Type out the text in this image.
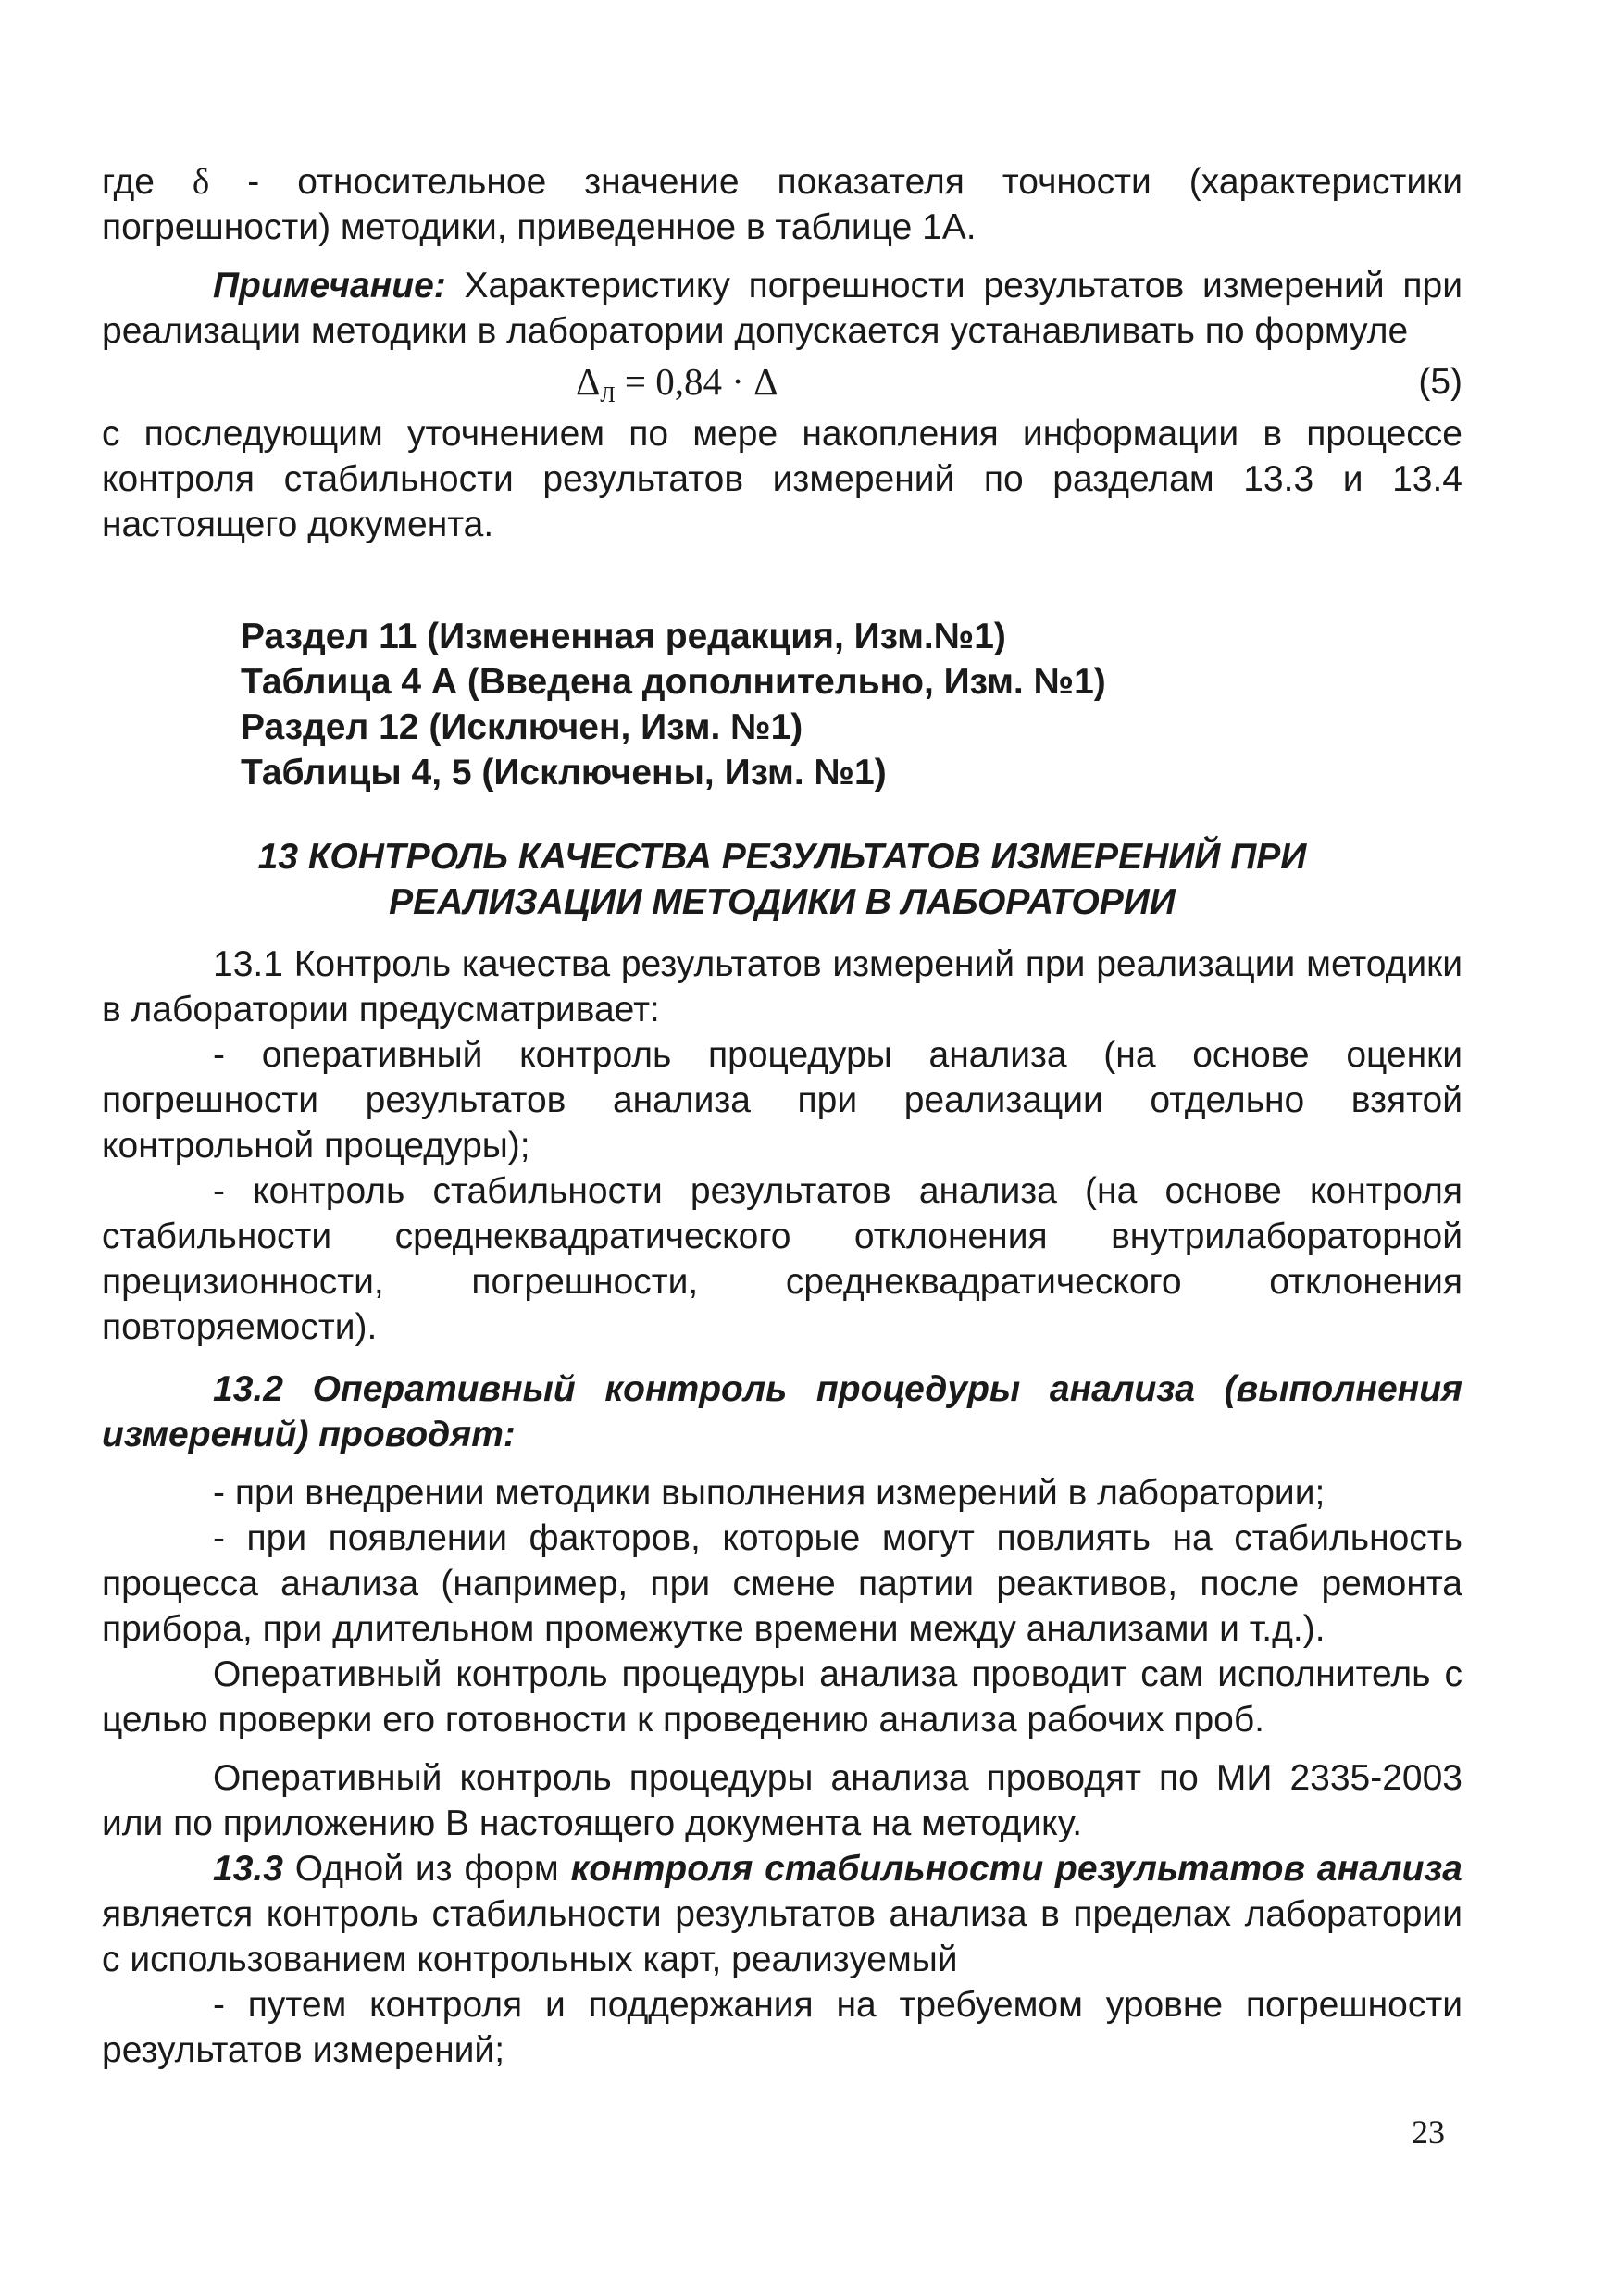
где δ - относительное значение показателя точности (характеристики погрешности) методики, приведенное в таблице 1А.

Примечание: Характеристику погрешности результатов измерений при реализации методики в лаборатории допускается устанавливать по формуле

$\Delta_Л = 0,84 \cdot \Delta$	(5)

с последующим уточнением по мере накопления информации в процессе контроля стабильности результатов измерений по разделам 13.3 и 13.4 настоящего документа.

Раздел 11 (Измененная редакция, Изм.№1)
Таблица 4 А (Введена дополнительно, Изм. №1)
Раздел 12 (Исключен, Изм. №1)
Таблицы 4, 5 (Исключены, Изм. №1)
13 КОНТРОЛЬ КАЧЕСТВА РЕЗУЛЬТАТОВ ИЗМЕРЕНИЙ ПРИ
РЕАЛИЗАЦИИ МЕТОДИКИ В ЛАБОРАТОРИИ

13.1 Контроль качества результатов измерений при реализации методики в лаборатории предусматривает:

- оперативный контроль процедуры анализа (на основе оценки погрешности результатов анализа при реализации отдельно взятой контрольной процедуры);

- контроль стабильности результатов анализа (на основе контроля стабильности среднеквадратического отклонения внутрилабораторной прецизионности, погрешности, среднеквадратического отклонения повторяемости).

13.2 Оперативный контроль процедуры анализа (выполнения измерений) проводят:

- при внедрении методики выполнения измерений в лаборатории;

- при появлении факторов, которые могут повлиять на стабильность процесса анализа (например, при смене партии реактивов, после ремонта прибора, при длительном промежутке времени между анализами и т.д.).

Оперативный контроль процедуры анализа проводит сам исполнитель с целью проверки его готовности к проведению анализа рабочих проб.

Оперативный контроль процедуры анализа проводят по МИ 2335-2003 или по приложению В настоящего документа на методику.

13.3 Одной из форм контроля стабильности результатов анализа является контроль стабильности результатов анализа в пределах лаборатории с использованием контрольных карт, реализуемый

- путем контроля и поддержания на требуемом уровне погрешности результатов измерений;

23
